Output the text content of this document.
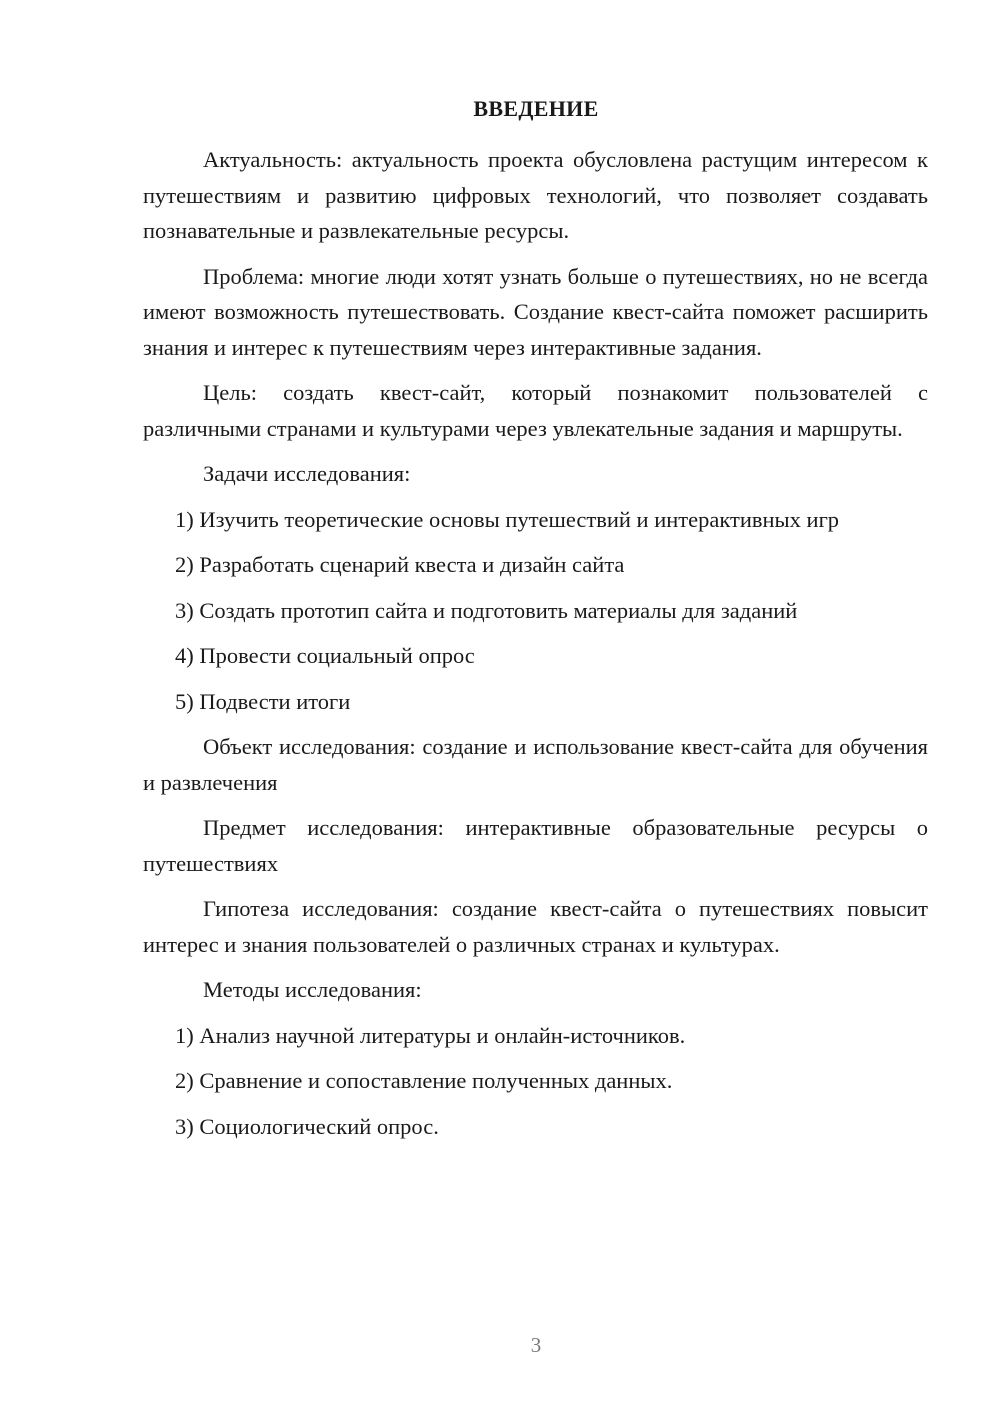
ВВЕДЕНИЕ

Актуальность: актуальность проекта обусловлена растущим интересом к путешествиям и развитию цифровых технологий, что позволяет создавать познавательные и развлекательные ресурсы.

Проблема: многие люди хотят узнать больше о путешествиях, но не всегда имеют возможность путешествовать. Создание квест-сайта поможет расширить знания и интерес к путешествиям через интерактивные задания.

Цель: создать квест-сайт, который познакомит пользователей с различными странами и культурами через увлекательные задания и маршруты.

Задачи исследования:

1) Изучить теоретические основы путешествий и интерактивных игр
2) Разработать сценарий квеста и дизайн сайта
3) Создать прототип сайта и подготовить материалы для заданий
4) Провести социальный опрос
5) Подвести итоги

Объект исследования: создание и использование квест-сайта для обучения и развлечения

Предмет исследования: интерактивные образовательные ресурсы о путешествиях

Гипотеза исследования: создание квест-сайта о путешествиях повысит интерес и знания пользователей о различных странах и культурах.

Методы исследования:

1) Анализ научной литературы и онлайн-источников.
2) Сравнение и сопоставление полученных данных.
3) Социологический опрос.
3
